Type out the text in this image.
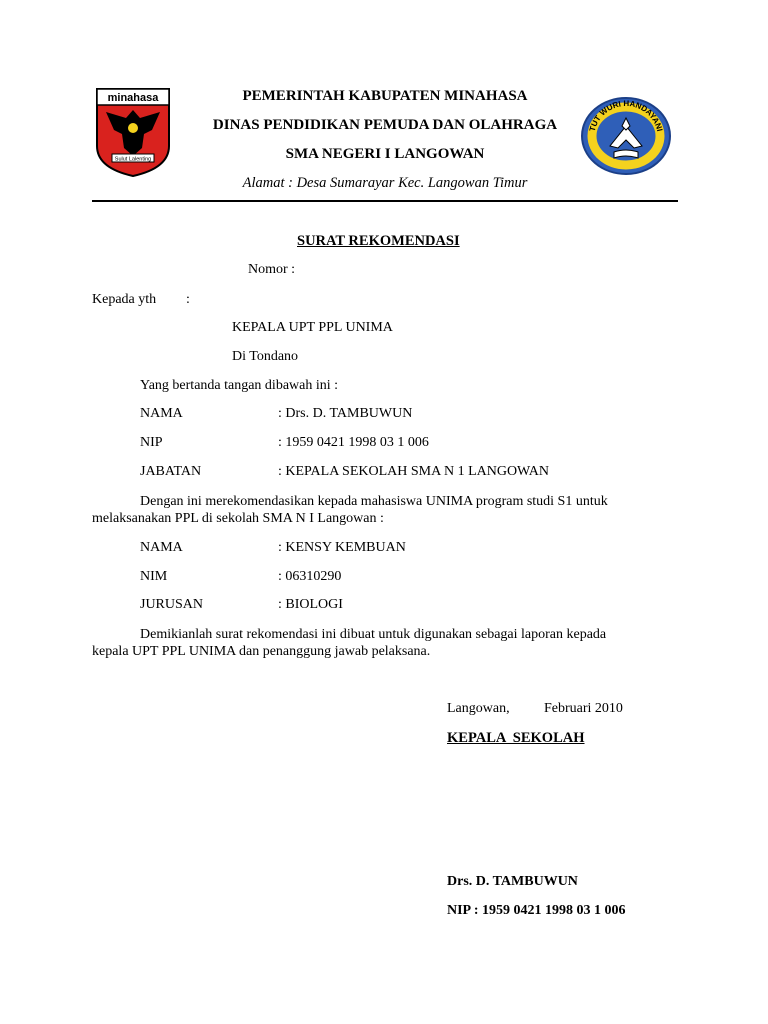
minahasa
Sulut Lalenting
TUT WURI HANDAYANI
PEMERINTAH KABUPATEN MINAHASA
DINAS PENDIDIKAN PEMUDA DAN OLAHRAGA
SMA NEGERI I LANGOWAN
Alamat : Desa Sumarayar Kec. Langowan Timur
SURAT REKOMENDASI
Nomor :
Kepada yth :
KEPALA UPT PPL UNIMA
Di Tondano
Yang bertanda tangan dibawah ini :
NAMA	: Drs. D. TAMBUWUN
NIP	: 1959 0421 1998 03 1 006
JABATAN	: KEPALA SEKOLAH SMA N 1 LANGOWAN
Dengan ini merekomendasikan kepada mahasiswa UNIMA program studi S1 untuk
melaksanakan PPL di sekolah SMA N I Langowan :
NAMA	: KENSY KEMBUAN
NIM	: 06310290
JURUSAN	: BIOLOGI
Demikianlah surat rekomendasi ini dibuat untuk digunakan sebagai laporan kepada
kepala UPT PPL UNIMA dan penanggung jawab pelaksana.
Langowan, Februari 2010
KEPALA  SEKOLAH
Drs. D. TAMBUWUN
NIP : 1959 0421 1998 03 1 006
